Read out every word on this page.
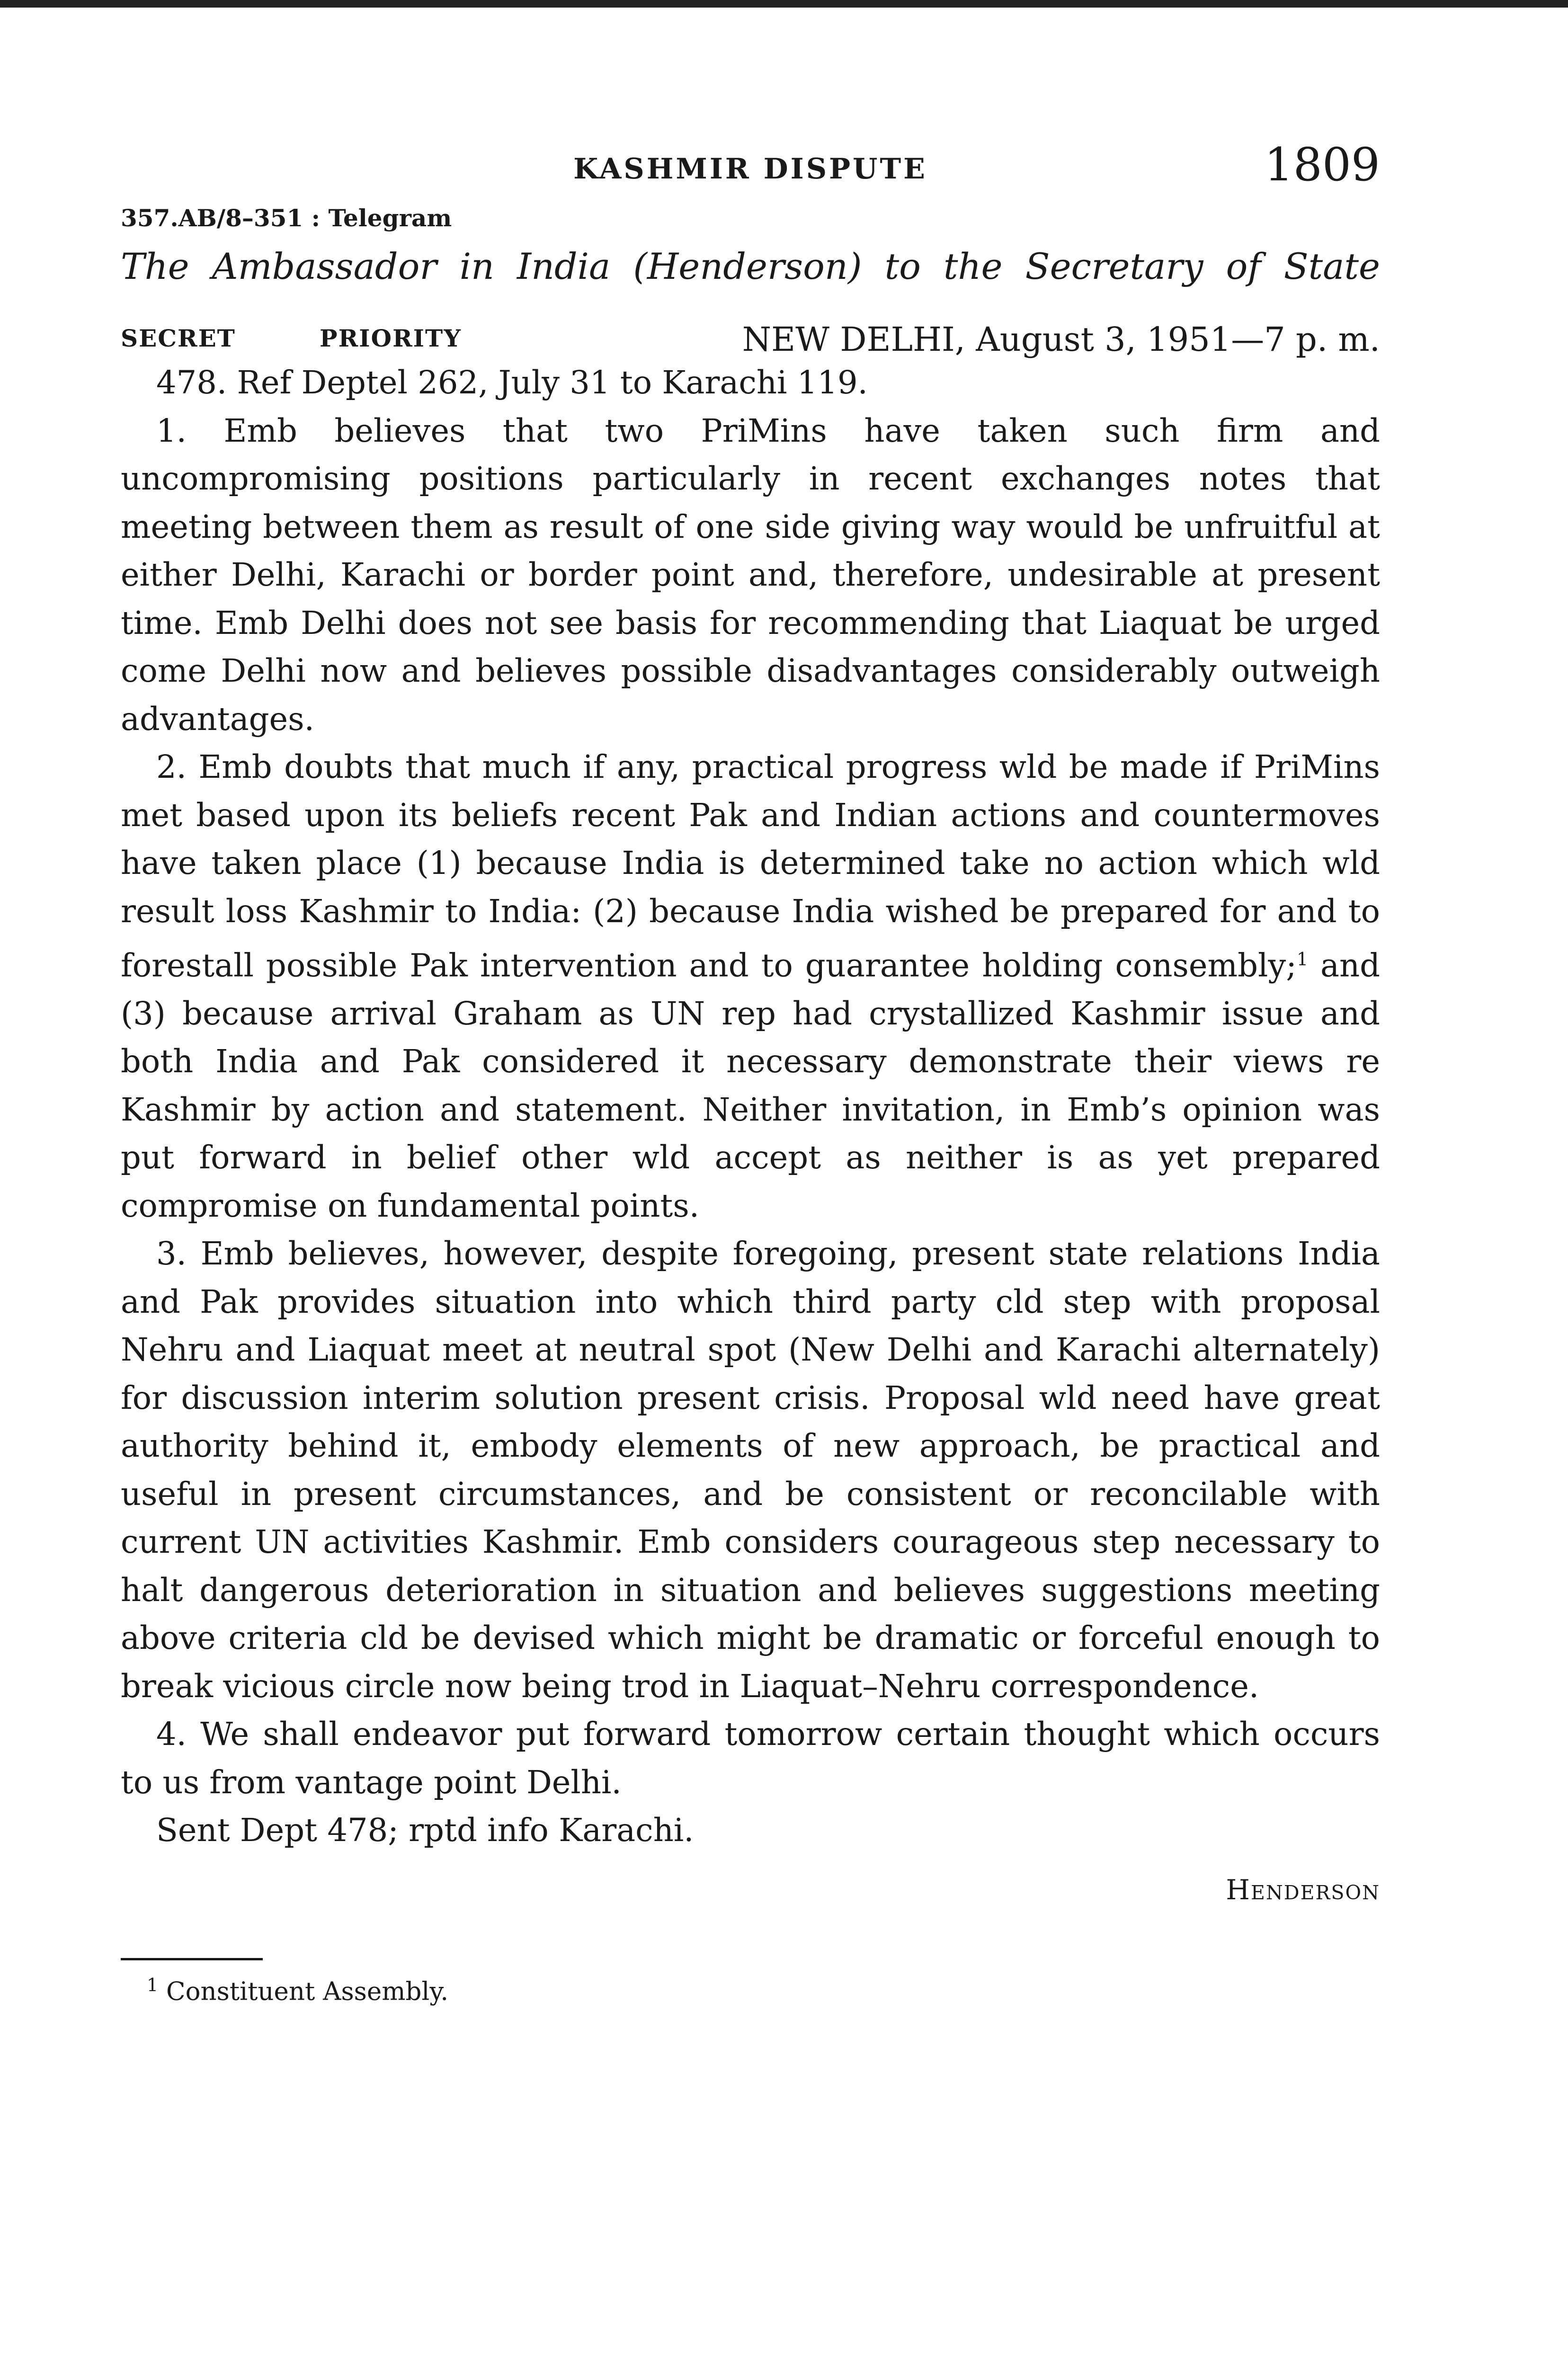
KASHMIR DISPUTE	1809
357.AB/8–351 : Telegram
The Ambassador in India (Henderson) to the Secretary of State
SECRET	PRIORITY	NEW DELHI, August 3, 1951—7 p. m.

478. Ref Deptel 262, July 31 to Karachi 119.

1. Emb believes that two PriMins have taken such firm and uncompromising positions particularly in recent exchanges notes that meeting between them as result of one side giving way would be unfruitful at either Delhi, Karachi or border point and, therefore, undesirable at present time. Emb Delhi does not see basis for recommending that Liaquat be urged come Delhi now and believes possible disadvantages considerably outweigh advantages.

2. Emb doubts that much if any, practical progress wld be made if PriMins met based upon its beliefs recent Pak and Indian actions and countermoves have taken place (1) because India is determined take no action which wld result loss Kashmir to India: (2) because India wished be prepared for and to forestall possible Pak intervention and to guarantee holding consembly;$^1$ and (3) because arrival Graham as UN rep had crystallized Kashmir issue and both India and Pak considered it necessary demonstrate their views re Kashmir by action and statement. Neither invitation, in Emb’s opinion was put forward in belief other wld accept as neither is as yet prepared compromise on fundamental points.

3. Emb believes, however, despite foregoing, present state relations India and Pak provides situation into which third party cld step with proposal Nehru and Liaquat meet at neutral spot (New Delhi and Karachi alternately) for discussion interim solution present crisis. Proposal wld need have great authority behind it, embody elements of new approach, be practical and useful in present circumstances, and be consistent or reconcilable with current UN activities Kashmir. Emb considers courageous step necessary to halt dangerous deterioration in situation and believes suggestions meeting above criteria cld be devised which might be dramatic or forceful enough to break vicious circle now being trod in Liaquat–Nehru correspondence.

4. We shall endeavor put forward tomorrow certain thought which occurs to us from vantage point Delhi.

Sent Dept 478; rptd info Karachi.

Henderson
$^1$ Constituent Assembly.
